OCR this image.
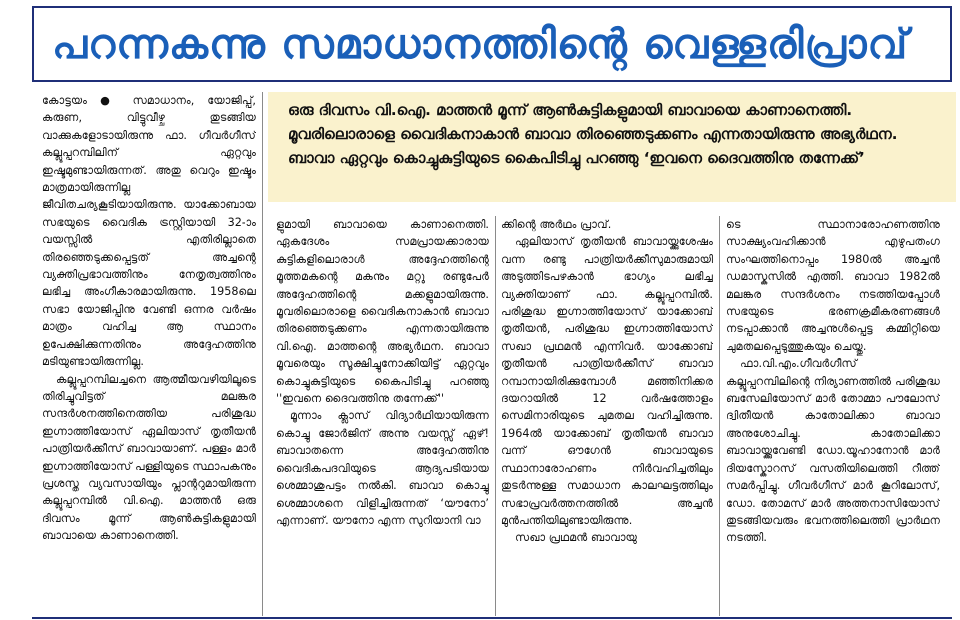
പറന്നകന്നു സമാധാനത്തിന്റെ വെള്ളരിപ്രാവ്

ഒരു ദിവസം വി.ഐ. മാത്തൻ മൂന്ന് ആൺകുട്ടികളുമായി ബാവായെ കാണാനെത്തി. മൂവരിലൊരാളെ വൈദികനാകാൻ ബാവാ തിരഞ്ഞെടുക്കണം എന്നതായിരുന്നു അഭ്യർഥന. ബാവാ ഏറ്റവും കൊച്ചുകുട്ടിയുടെ കൈപിടിച്ചു പറഞ്ഞു ‘ഇവനെ ദൈവത്തിനു തന്നേക്ക്’

കോട്ടയം ● സമാധാനം, യോജിപ്പ്, കരുണ, വിട്ടുവീഴ്ച തുടങ്ങിയ വാക്കുകളോടായിരുന്നു ഫാ. ഗീവർഗീസ് കല്ലൂപ്പറമ്പിലിന് ഏറ്റവും ഇഷ്ടമുണ്ടായിരുന്നത്. അതു വെറും ഇഷ്ടം മാത്രമായിരുന്നില്ല ജീവിതചര്യകൂടിയായിരുന്നു. യാക്കോബായ സഭയുടെ വൈദിക ട്രസ്റ്റിയായി 32-ാംവയസ്സിൽ എതിരില്ലാതെ തിരഞ്ഞെടുക്കപ്പെട്ടത് അച്ചന്റെ വ്യക്തിപ്രഭാവത്തിനും നേതൃത്വത്തിനും ലഭിച്ച അംഗീകാരമായിരുന്നു. 1958ലെ സഭാ യോജിപ്പിനു വേണ്ടി ഒന്നര വർഷം മാത്രം വഹിച്ച ആ സ്ഥാനം ഉപേക്ഷിക്കുന്നതിനും അദ്ദേഹത്തിനു മടിയുണ്ടായിരുന്നില്ല.

കല്ലൂപ്പറമ്പിലച്ചനെ ആത്മീയവഴിയിലൂടെ തിരിച്ചുവിട്ടത് മലങ്കര സന്ദർശനത്തിനെത്തിയ പരിശുദ്ധ ഇഗ്നാത്തിയോസ് ഏലിയാസ് തൃതീയൻ പാത്രിയർക്കീസ് ബാവായാണ്. പള്ളം മാർ ഇഗ്നാത്തിയോസ് പള്ളിയുടെ സ്ഥാപകനും പ്രശസ്ത വ്യവസായിയും പ്ലാന്ററുമായിരുന്ന കല്ലൂപ്പറമ്പിൽ വി.ഐ. മാത്തൻ ഒരു ദിവസം മൂന്ന് ആൺകുട്ടികളുമായി ബാവായെ കാണാനെത്തി.

ളുമായി ബാവായെ കാണാനെത്തി. ഏകദേശം സമപ്രായക്കാരായ കുട്ടികളിലൊരാൾ അദ്ദേഹത്തിന്റെ മൂത്തമകന്റെ മകനും മറ്റു രണ്ടുപേർ അദ്ദേഹത്തിന്റെ മക്കളുമായിരുന്നു. മൂവരിലൊരാളെ വൈദികനാകാൻ ബാവാ തിരഞ്ഞെടുക്കണം എന്നതായിരുന്നു വി.ഐ. മാത്തന്റെ അഭ്യർഥന. ബാവാ മൂവരെയും സൂക്ഷിച്ചുനോക്കിയിട്ട് ഏറ്റവും കൊച്ചുകുട്ടിയുടെ കൈപിടിച്ചു പറഞ്ഞു ''ഇവനെ ദൈവത്തിനു തന്നേക്ക്''

മൂന്നാം ക്ലാസ് വിദ്യാർഥിയായിരുന്ന കൊച്ചു ജോർജിന് അന്നു വയസ്സ് ഏഴ്! ബാവാതന്നെ അദ്ദേഹത്തിനു വൈദികപദവിയുടെ ആദ്യപടിയായ ശെമ്മാശുപട്ടം നൽകി. ബാവാ കൊച്ചു ശെമ്മാശനെ വിളിച്ചിരുന്നത് ‘യൗനോ’ എന്നാണ്. യൗനോ എന്ന സുറിയാനി വാ

ക്കിന്റെ അർഥം പ്രാവ്.

ഏലിയാസ് തൃതീയൻ ബാവായ്ക്കുശേഷം വന്ന രണ്ടു പാത്രിയർക്കീസുമാരുമായി അടുത്തിടപഴകാൻ ഭാഗ്യം ലഭിച്ച വ്യക്തിയാണ് ഫാ. കല്ലൂപ്പറമ്പിൽ. പരിശുദ്ധ ഇഗ്നാത്തിയോസ് യാക്കോബ് തൃതീയൻ, പരിശുദ്ധ ഇഗ്നാത്തിയോസ് സഖാ പ്രഥമൻ എന്നിവർ. യാക്കോബ് തൃതീയൻ പാത്രിയർക്കീസ് ബാവാ റമ്പാനായിരിക്കുമ്പോൾ മഞ്ഞിനിക്കര ദയറായിൽ 12 വർഷത്തോളം സെമിനാരിയുടെ ചുമതല വഹിച്ചിരുന്നു. 1964ൽ യാക്കോബ് തൃതീയൻ ബാവാ വന്ന് ഔഗേൻ ബാവായുടെ സ്ഥാനാരോഹണം നിർവഹിച്ചതിലും തുടർന്നുള്ള സമാധാന കാലഘട്ടത്തിലും സഭാപ്രവർത്തനത്തിൽ അച്ചൻ മുൻപന്തിയിലുണ്ടായിരുന്നു.

സഖാ പ്രഥമൻ ബാവായു

ടെ സ്ഥാനാരോഹണത്തിനു സാക്ഷ്യംവഹിക്കാൻ എഴുപതംഗ സംഘത്തിനൊപ്പം 1980ൽ അച്ചൻ ഡമാസ്കസിൽ എത്തി. ബാവാ 1982ൽ മലങ്കര സന്ദർശനം നടത്തിയപ്പോൾ സഭയുടെ ഭരണക്രമീകരണങ്ങൾ നടപ്പാക്കാൻ അച്ചനുൾപ്പെട്ട കമ്മിറ്റിയെ ചുമതലപ്പെടുത്തുകയും ചെയ്തു.

ഫാ.വി.എം.ഗീവർഗീസ് കല്ലൂപ്പറമ്പിലിന്റെ നിര്യാണത്തിൽ പരിശുദ്ധ ബസേലിയോസ് മാർ തോമ്മാ പൗലോസ് ദ്വിതീയൻ കാതോലിക്കാ ബാവാ അനുശോചിച്ചു. കാതോലിക്കാ ബാവായ്ക്കുവേണ്ടി ഡോ.യൂഹാനോൻ മാർ ദിയസ്കോറസ് വസതിയിലെത്തി റീത്ത് സമർപ്പിച്ചു. ഗീവർഗീസ് മാർ കൂറിലോസ്, ഡോ. തോമസ് മാർ അത്തനാസിയോസ് തുടങ്ങിയവരും ഭവനത്തിലെത്തി പ്രാർഥന നടത്തി.
